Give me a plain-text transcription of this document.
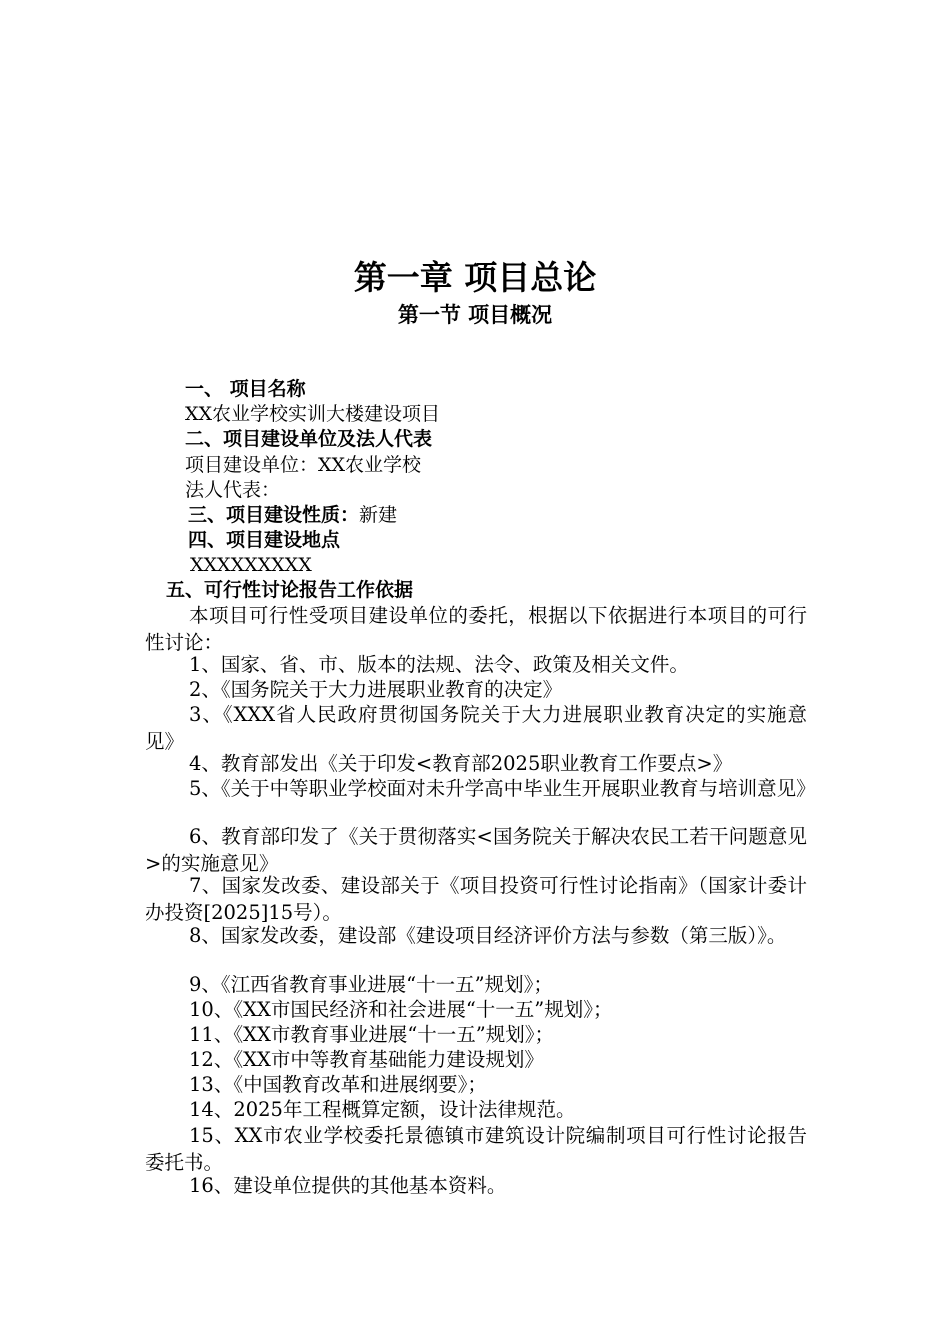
第一章 项目总论
第一节 项目概况
一、 项目名称
XX农业学校实训大楼建设项目
二、项目建设单位及法人代表
项目建设单位：XX农业学校
法人代表：
三、项目建设性质：新建
四、项目建设地点
XXXXXXXXX
五、可行性讨论报告工作依据

本项目可行性受项目建设单位的委托，根据以下依据进行本项目的可行性讨论：

1、国家、省、市、版本的法规、法令、政策及相关文件。

2、《国务院关于大力进展职业教育的决定》

3、《XXX省人民政府贯彻国务院关于大力进展职业教育决定的实施意见》

4、教育部发出《关于印发<教育部2025职业教育工作要点>》

5、《关于中等职业学校面对未升学高中毕业生开展职业教育与培训意见》

6、教育部印发了《关于贯彻落实<国务院关于解决农民工若干问题意见>的实施意见》

7、国家发改委、建设部关于《项目投资可行性讨论指南》（国家计委计办投资[2025]15号）。

8、国家发改委，建设部《建设项目经济评价方法与参数（第三版）》。

9、《江西省教育事业进展“十一五”规划》；

10、《XX市国民经济和社会进展“十一五”规划》；

11、《XX市教育事业进展“十一五”规划》；

12、《XX市中等教育基础能力建设规划》

13、《中国教育改革和进展纲要》；

14、2025年工程概算定额，设计法律规范。

15、XX市农业学校委托景德镇市建筑设计院编制项目可行性讨论报告委托书。

16、建设单位提供的其他基本资料。
